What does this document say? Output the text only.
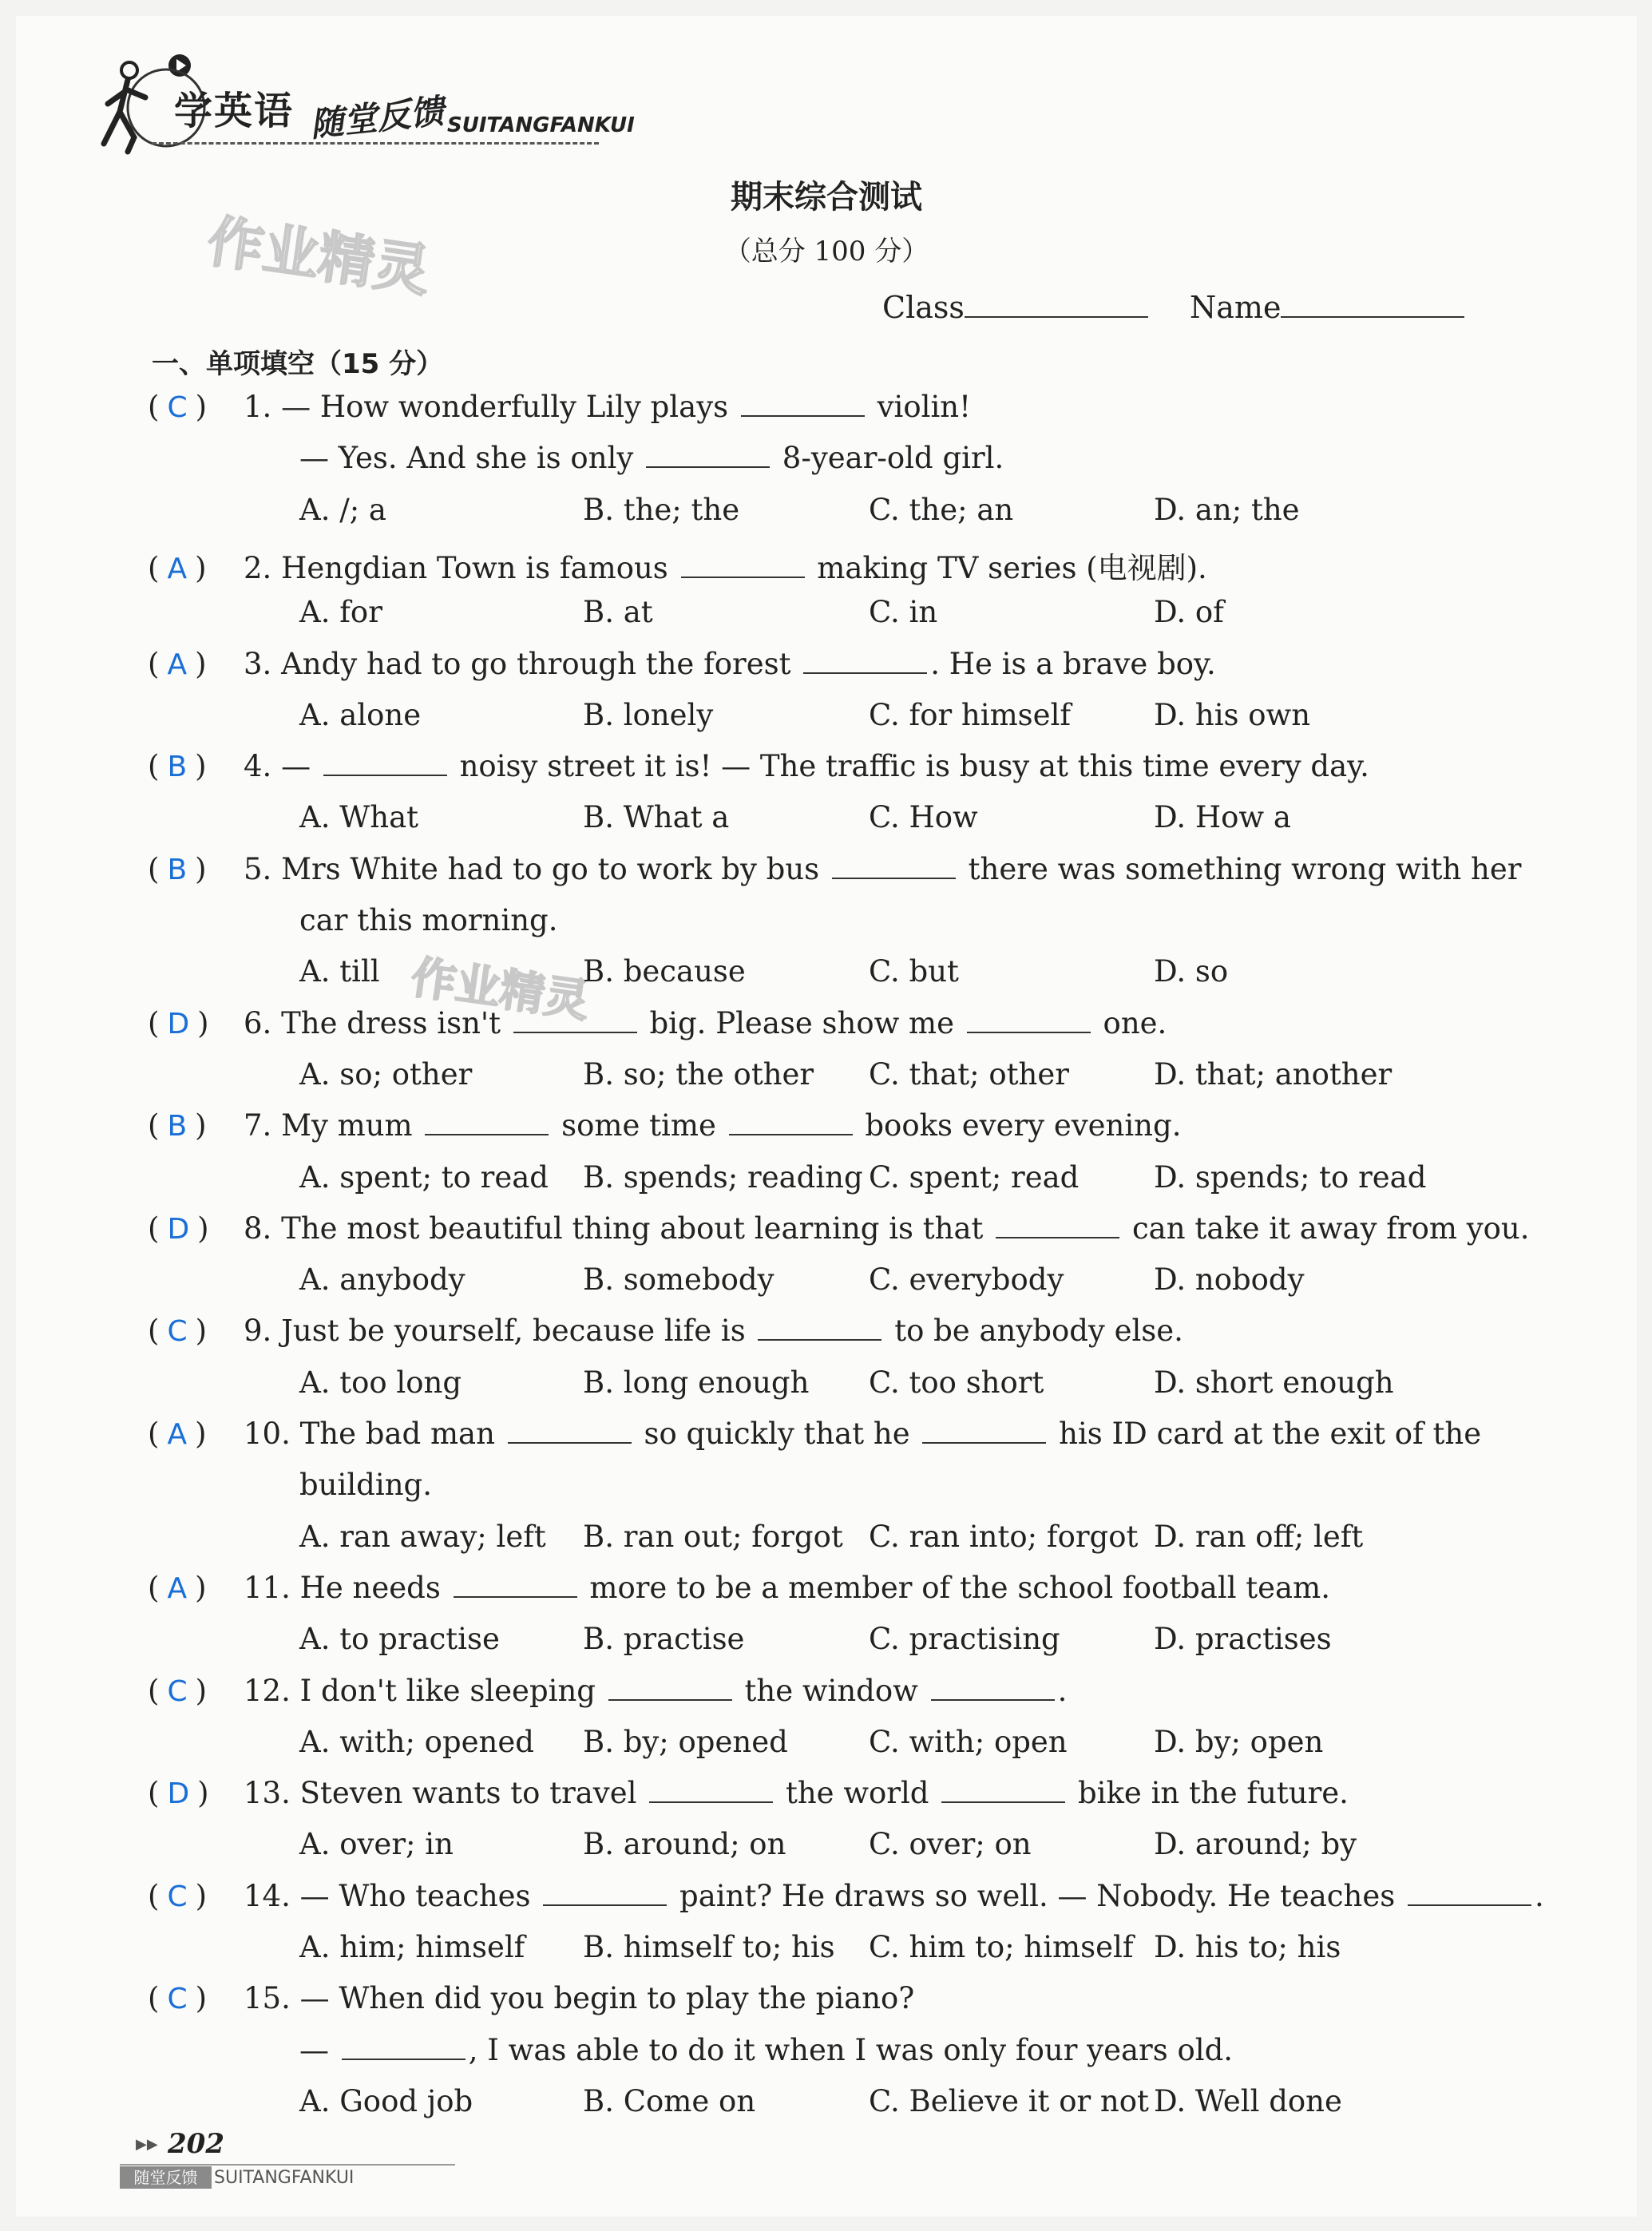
学英语 随堂反馈 SUITANGFANKUI
作业精灵
作业精灵
期末综合测试
（总分 100 分）
Class	Name
一、单项填空（15 分）
( C ) 1. — How wonderfully Lily plays	violin!
— Yes. And she is only	8-year-old girl.
A. /; a	B. the; the	C. the; an	D. an; the
( A ) 2. Hengdian Town is famous	making TV series (电视剧).
A. for	B. at	C. in	D. of
( A ) 3. Andy had to go through the forest	. He is a brave boy.
A. alone	B. lonely	C. for himself	D. his own
( B ) 4. —	noisy street it is! — The traffic is busy at this time every day.
A. What	B. What a	C. How	D. How a
( B ) 5. Mrs White had to go to work by bus	there was something wrong with her
car this morning.
A. till	B. because	C. but	D. so
( D ) 6. The dress isn't	big. Please show me	one.
A. so; other	B. so; the other C. that; other	D. that; another
( B ) 7. My mum	some time	books every evening.
A. spent; to read B. spends; reading C. spent; read	D. spends; to read
( D ) 8. The most beautiful thing about learning is that	can take it away from you.
A. anybody	B. somebody	C. everybody	D. nobody
( C ) 9. Just be yourself, because life is	to be anybody else.
A. too long	B. long enough C. too short	D. short enough
( A ) 10. The bad man	so quickly that he	his ID card at the exit of the
building.
A. ran away; left B. ran out; forgot C. ran into; forgot D. ran off; left
( A ) 11. He needs	more to be a member of the school football team.
A. to practise	B. practise	C. practising	D. practises
( C ) 12. I don't like sleeping	the window	.
A. with; opened B. by; opened	C. with; open	D. by; open
( D ) 13. Steven wants to travel	the world	bike in the future.
A. over; in	B. around; on	C. over; on	D. around; by
( C ) 14. — Who teaches	paint? He draws so well. — Nobody. He teaches	.
A. him; himself B. himself to; his C. him to; himself D. his to; his
( C ) 15. — When did you begin to play the piano?
—	, I was able to do it when I was only four years old.
A. Good job	B. Come on	C. Believe it or not D. Well done
▶▶ 202
随堂反馈 SUITANGFANKUI
